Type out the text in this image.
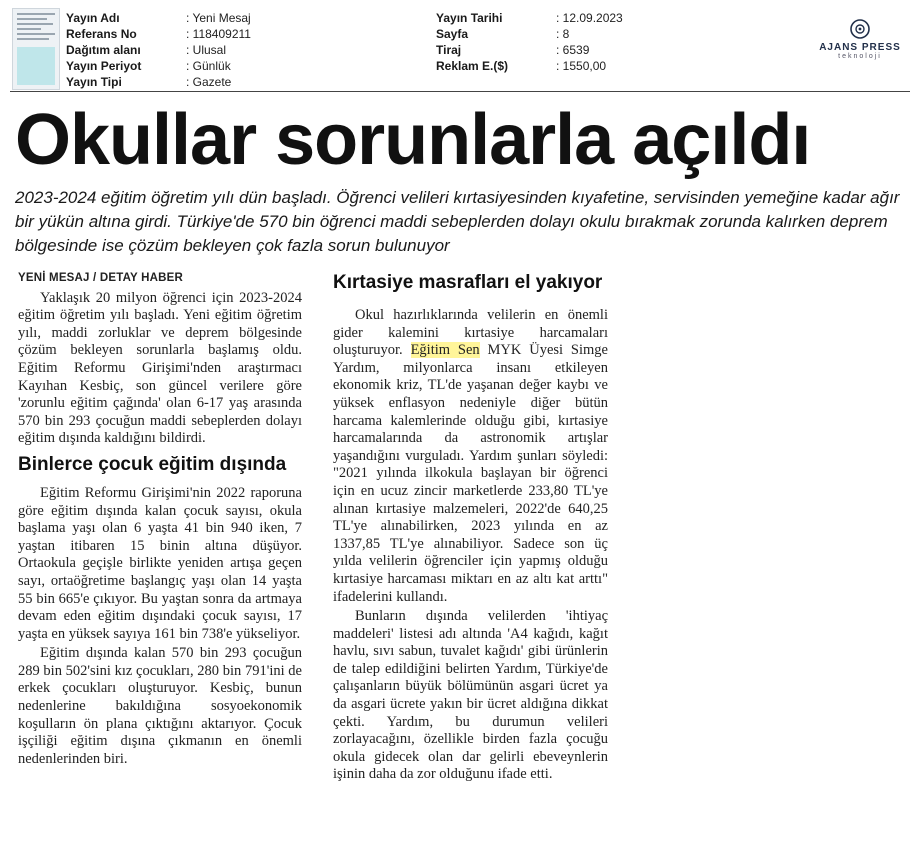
Yayın Adı	: Yeni Mesaj
Referans No	: 118409211
Dağıtım alanı	: Ulusal
Yayın Periyot	: Günlük
Yayın Tipi	: Gazete
Yayın Tarihi	: 12.09.2023
Sayfa	: 8
Tiraj	: 6539
Reklam E.($)	: 1550,00
AJANS PRESS
teknoloji
Okullar sorunlarla açıldı
2023-2024 eğitim öğretim yılı dün başladı. Öğrenci velileri kırtasiyesinden kıyafetine, servisinden yemeğine kadar ağır bir yükün altına girdi. Türkiye'de 570 bin öğrenci maddi sebeplerden dolayı okulu bırakmak zorunda kalırken deprem bölgesinde ise çözüm bekleyen çok fazla sorun bulunuyor

YENİ MESAJ / DETAY HABER

Yaklaşık 20 milyon öğrenci için 2023-2024 eğitim öğretim yılı başladı. Yeni eğitim öğretim yılı, maddi zorluklar ve deprem bölgesinde çözüm bekleyen sorunlarla başlamış oldu. Eğitim Reformu Girişimi'nden araştırmacı Kayıhan Kesbiç, son güncel verilere göre 'zorunlu eğitim çağında' olan 6-17 yaş arasında 570 bin 293 çocuğun maddi sebeplerden dolayı eğitim dışında kaldığını bildirdi.

Binlerce çocuk eğitim dışında

Eğitim Reformu Girişimi'nin 2022 raporuna göre eğitim dışında kalan çocuk sayısı, okula başlama yaşı olan 6 yaşta 41 bin 940 iken, 7 yaştan itibaren 15 binin altına düşüyor. Ortaokula geçişle birlikte yeniden artışa geçen sayı, ortaöğretime başlangıç yaşı olan 14 yaşta 55 bin 665'e çıkıyor. Bu yaştan sonra da artmaya devam eden eğitim dışındaki çocuk sayısı, 17 yaşta en yüksek sayıya 161 bin 738'e yükseliyor.

Eğitim dışında kalan 570 bin 293 çocuğun 289 bin 502'sini kız çocukları, 280 bin 791'ini de erkek çocukları oluşturuyor. Kesbiç, bunun nedenlerine bakıldığına sosyoekonomik koşulların ön plana çıktığını aktarıyor. Çocuk işçiliği eğitim dışına çıkmanın en önemli nedenlerinden biri.

Kırtasiye masrafları el yakıyor

Okul hazırlıklarında velilerin en önemli gider kalemini kırtasiye harcamaları oluşturuyor. Eğitim Sen MYK Üyesi Simge Yardım, milyonlarca insanı etkileyen ekonomik kriz, TL'de yaşanan değer kaybı ve yüksek enflasyon nedeniyle diğer bütün harcama kalemlerinde olduğu gibi, kırtasiye harcamalarında da astronomik artışlar yaşandığını vurguladı. Yardım şunları söyledi: "2021 yılında ilkokula başlayan bir öğrenci için en ucuz zincir marketlerde 233,80 TL'ye alınan kırtasiye malzemeleri, 2022'de 640,25 TL'ye alınabilirken, 2023 yılında en az 1337,85 TL'ye alınabiliyor. Sadece son üç yılda velilerin öğrenciler için yapmış olduğu kırtasiye harcaması miktarı en az altı kat arttı" ifadelerini kullandı.

Bunların dışında velilerden 'ihtiyaç maddeleri' listesi adı altında 'A4 kağıdı, kağıt havlu, sıvı sabun, tuvalet kağıdı' gibi ürünlerin de talep edildiğini belirten Yardım, Türkiye'de çalışanların büyük bölümünün asgari ücret ya da asgari ücrete yakın bir ücret aldığına dikkat çekti. Yardım, bu durumun velileri zorlayacağını, özellikle birden fazla çocuğu okula gidecek olan dar gelirli ebeveynlerin işinin daha da zor olduğunu ifade etti.
